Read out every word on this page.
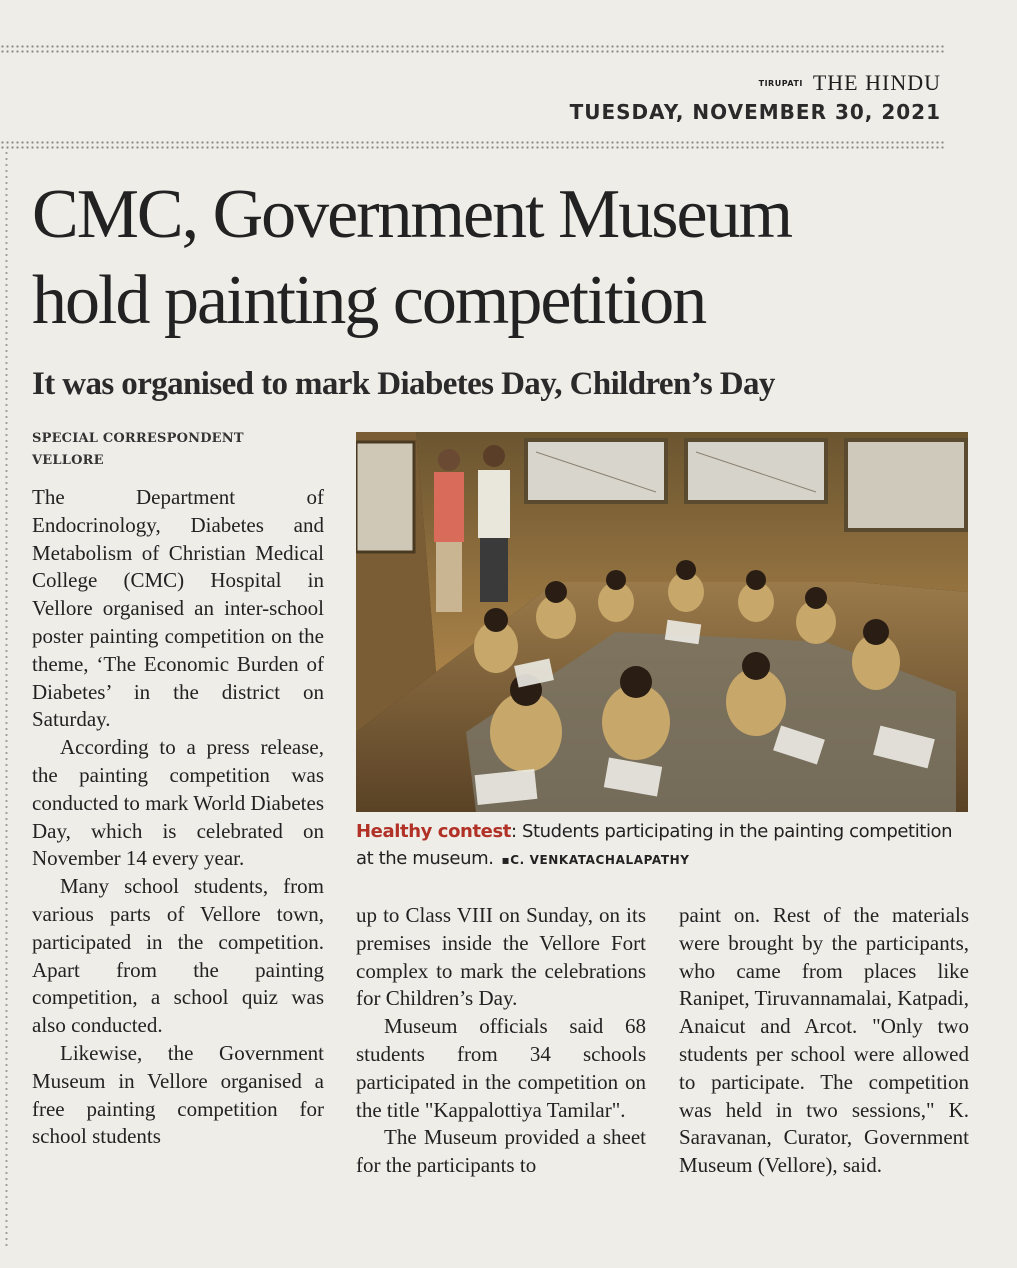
TIRUPATI THE HINDU
TUESDAY, NOVEMBER 30, 2021
CMC, Government Museum
hold painting competition
It was organised to mark Diabetes Day, Children’s Day
SPECIAL CORRESPONDENT
VELLORE

The Department of Endocrinology, Diabetes and Metabolism of Christian Medical College (CMC) Hospital in Vellore organised an inter-school poster painting competition on the theme, ‘The Economic Burden of Diabetes’ in the district on Saturday.

According to a press release, the painting competition was conducted to mark World Diabetes Day, which is celebrated on November 14 every year.

Many school students, from various parts of Vellore town, participated in the competition. Apart from the painting competition, a school quiz was also conducted.

Likewise, the Government Museum in Vellore organised a free painting competition for school students

Healthy contest: Students participating in the painting competition at the museum. ▪C. VENKATACHALAPATHY

up to Class VIII on Sunday, on its premises inside the Vellore Fort complex to mark the celebrations for Children’s Day.

Museum officials said 68 students from 34 schools participated in the competition on the title "Kappalottiya Tamilar".

The Museum provided a sheet for the participants to

paint on. Rest of the materials were brought by the participants, who came from places like Ranipet, Tiruvannamalai, Katpadi, Anaicut and Arcot. "Only two students per school were allowed to participate. The competition was held in two sessions," K. Saravanan, Curator, Government Museum (Vellore), said.
